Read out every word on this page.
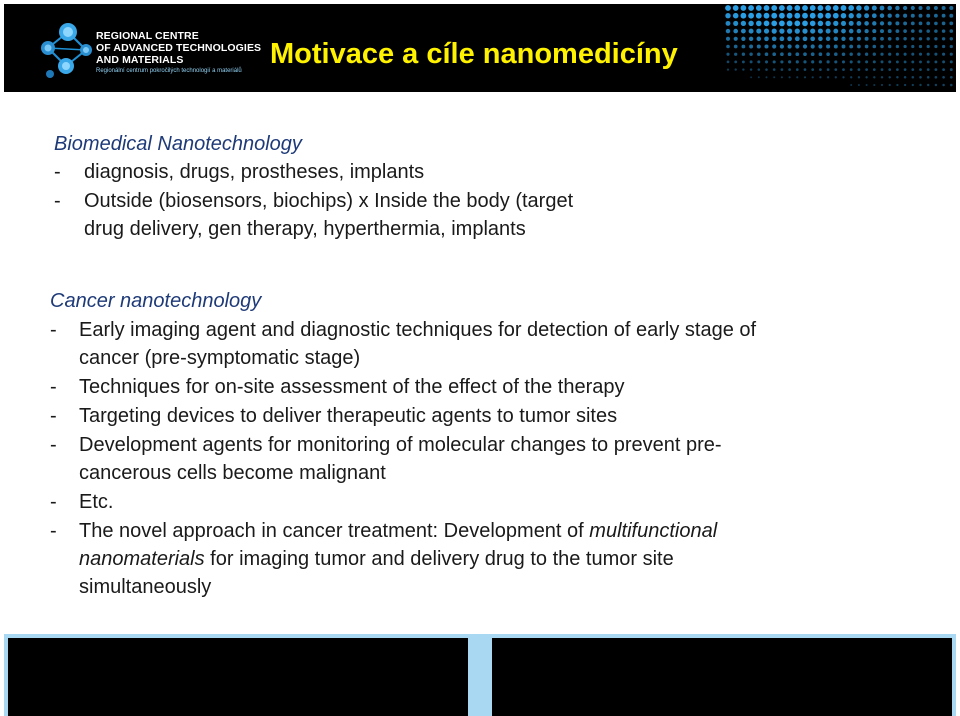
REGIONAL CENTRE
OF ADVANCED TECHNOLOGIES
AND MATERIALS
Regionální centrum pokročilých technologií a materiálů
Motivace a cíle nanomedicíny
Biomedical Nanotechnology
- diagnosis, drugs, prostheses, implants
- Outside (biosensors, biochips) x Inside the body (target
drug delivery, gen therapy, hyperthermia, implants
Cancer nanotechnology
- Early imaging agent and diagnostic techniques for detection of early stage of
cancer (pre-symptomatic stage)
- Techniques for on-site assessment of the effect of the therapy
- Targeting devices to deliver therapeutic agents to tumor sites
- Development agents for monitoring of molecular changes to prevent pre-
cancerous cells become malignant
- Etc.
- The novel approach in cancer treatment: Development of multifunctional
nanomaterials for imaging tumor and delivery drug to the tumor site
simultaneously
